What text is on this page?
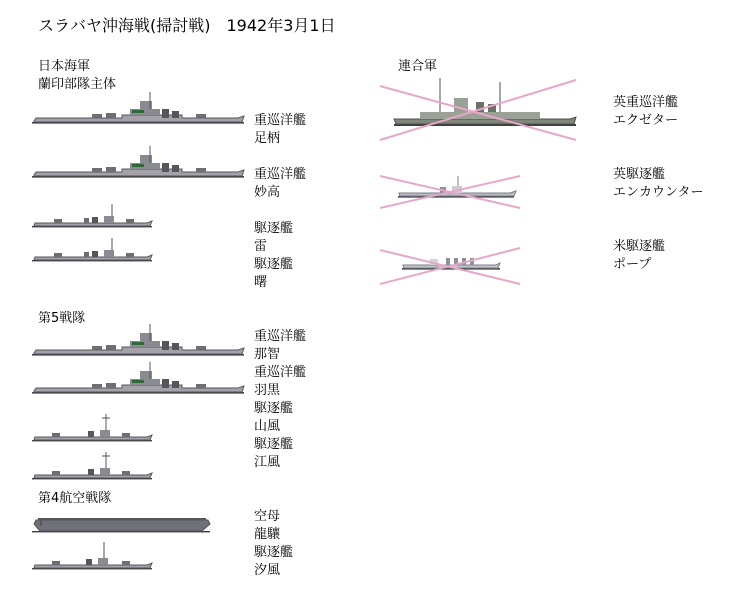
スラバヤ沖海戦(掃討戦)　1942年3月1日
日本海軍
蘭印部隊主体
重巡洋艦
足柄
重巡洋艦
妙高
駆逐艦
雷
駆逐艦
曙
第5戦隊
重巡洋艦
那智
重巡洋艦
羽黒
駆逐艦
山風
駆逐艦
江風
第4航空戦隊
空母
龍驤
駆逐艦
汐風
連合軍
英重巡洋艦
エクゼター
英駆逐艦
エンカウンター
米駆逐艦
ポープ
